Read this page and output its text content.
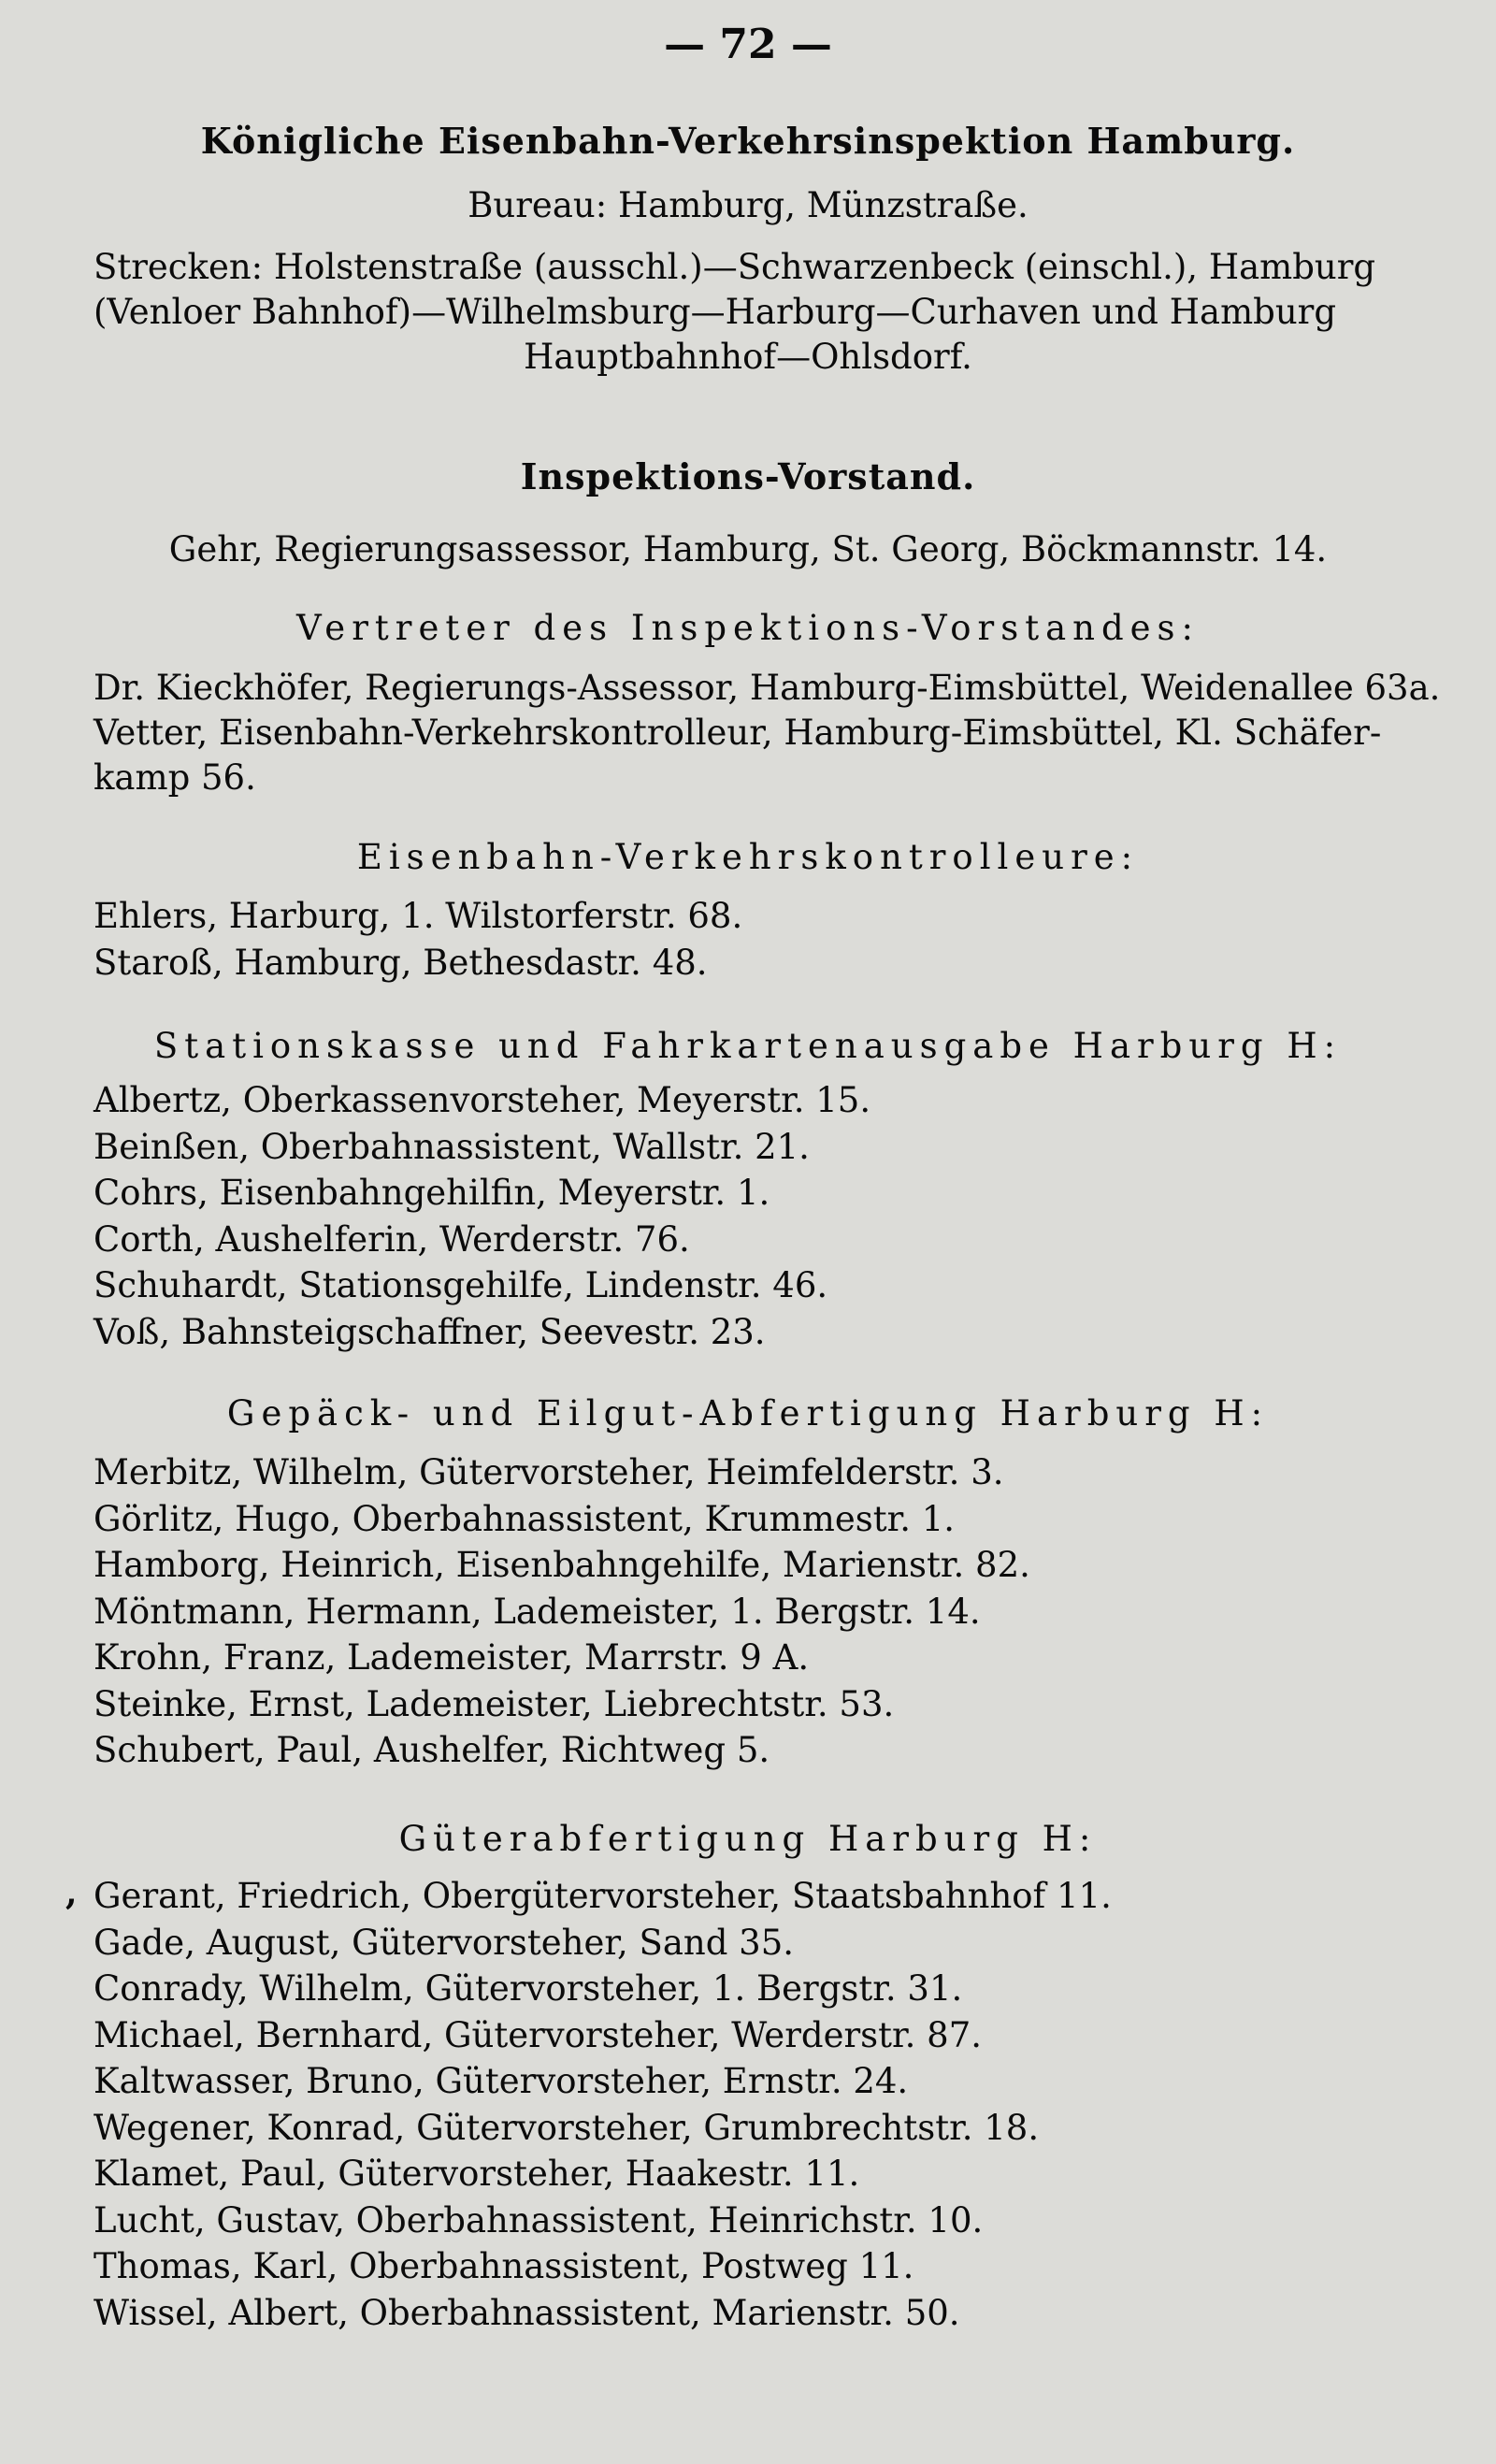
— 72 —
Königliche Eisenbahn-Verkehrsinspektion Hamburg.
Bureau: Hamburg, Münzstraße.
Strecken: Holstenstraße (ausschl.)—Schwarzenbeck (einschl.), Hamburg
(Venloer Bahnhof)—Wilhelmsburg—Harburg—Curhaven und Hamburg
Hauptbahnhof—Ohlsdorf.
Inspektions-Vorstand.
Gehr, Regierungsassessor, Hamburg, St. Georg, Böckmannstr. 14.
Vertreter des Inspektions-Vorstandes:
Dr. Kieckhöfer, Regierungs-Assessor, Hamburg-Eimsbüttel, Weidenallee 63a.
Vetter, Eisenbahn-Verkehrskontrolleur, Hamburg-Eimsbüttel, Kl. Schäfer-
kamp 56.
Eisenbahn-Verkehrskontrolleure:
Ehlers, Harburg, 1. Wilstorferstr. 68.
Staroß, Hamburg, Bethesdastr. 48.
Stationskasse und Fahrkartenausgabe Harburg H:
Albertz, Oberkassenvorsteher, Meyerstr. 15.
Beinßen, Oberbahnassistent, Wallstr. 21.
Cohrs, Eisenbahngehilfin, Meyerstr. 1.
Corth, Aushelferin, Werderstr. 76.
Schuhardt, Stationsgehilfe, Lindenstr. 46.
Voß, Bahnsteigschaffner, Seevestr. 23.
Gepäck- und Eilgut-Abfertigung Harburg H:
Merbitz, Wilhelm, Gütervorsteher, Heimfelderstr. 3.
Görlitz, Hugo, Oberbahnassistent, Krummestr. 1.
Hamborg, Heinrich, Eisenbahngehilfe, Marienstr. 82.
Möntmann, Hermann, Lademeister, 1. Bergstr. 14.
Krohn, Franz, Lademeister, Marrstr. 9 A.
Steinke, Ernst, Lademeister, Liebrechtstr. 53.
Schubert, Paul, Aushelfer, Richtweg 5.
Güterabfertigung Harburg H:
, Gerant, Friedrich, Obergütervorsteher, Staatsbahnhof 11.
Gade, August, Gütervorsteher, Sand 35.
Conrady, Wilhelm, Gütervorsteher, 1. Bergstr. 31.
Michael, Bernhard, Gütervorsteher, Werderstr. 87.
Kaltwasser, Bruno, Gütervorsteher, Ernstr. 24.
Wegener, Konrad, Gütervorsteher, Grumbrechtstr. 18.
Klamet, Paul, Gütervorsteher, Haakestr. 11.
Lucht, Gustav, Oberbahnassistent, Heinrichstr. 10.
Thomas, Karl, Oberbahnassistent, Postweg 11.
Wissel, Albert, Oberbahnassistent, Marienstr. 50.
